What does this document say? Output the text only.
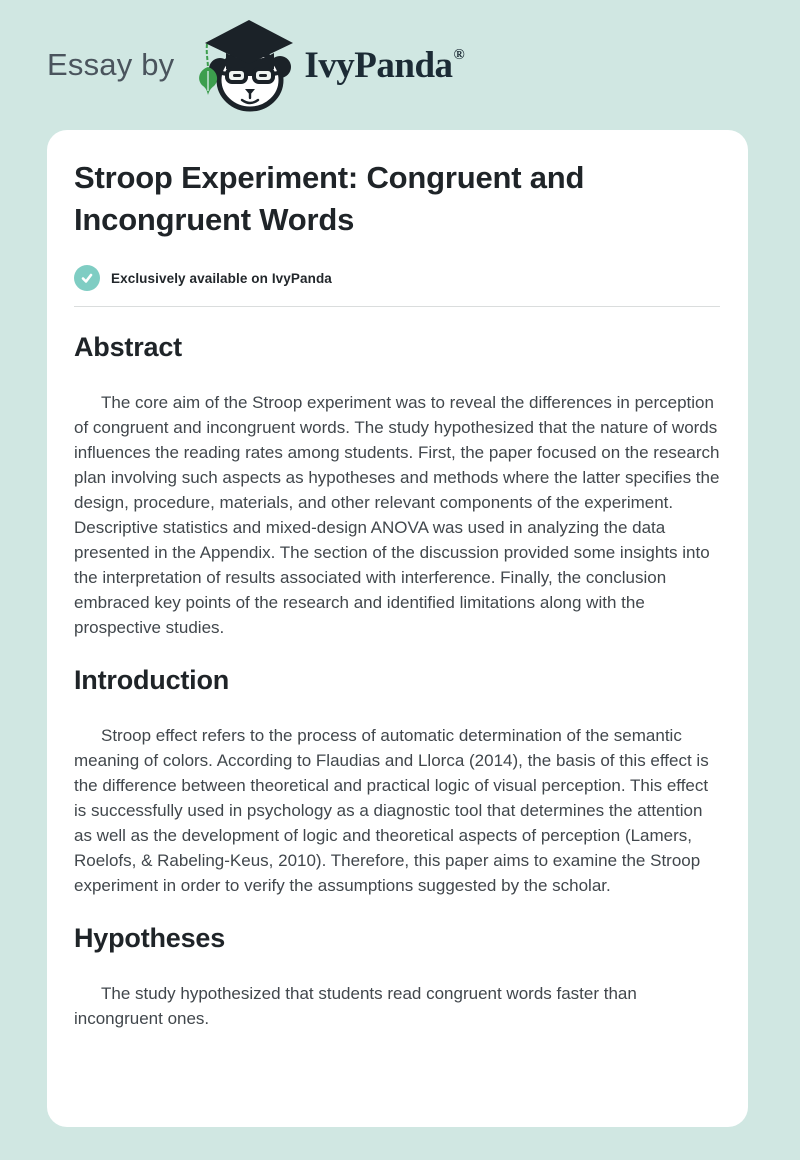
Essay by	IvyPanda®
Stroop Experiment: Congruent and Incongruent Words
Exclusively available on IvyPanda
Abstract

The core aim of the Stroop experiment was to reveal the differences in perception of congruent and incongruent words. The study hypothesized that the nature of words influences the reading rates among students. First, the paper focused on the research plan involving such aspects as hypotheses and methods where the latter specifies the design, procedure, materials, and other relevant components of the experiment. Descriptive statistics and mixed-design ANOVA was used in analyzing the data presented in the Appendix. The section of the discussion provided some insights into the interpretation of results associated with interference. Finally, the conclusion embraced key points of the research and identified limitations along with the prospective studies.

Introduction

Stroop effect refers to the process of automatic determination of the semantic meaning of colors. According to Flaudias and Llorca (2014), the basis of this effect is the difference between theoretical and practical logic of visual perception. This effect is successfully used in psychology as a diagnostic tool that determines the attention as well as the development of logic and theoretical aspects of perception (Lamers, Roelofs, & Rabeling-Keus, 2010). Therefore, this paper aims to examine the Stroop experiment in order to verify the assumptions suggested by the scholar.

Hypotheses

The study hypothesized that students read congruent words faster than incongruent ones.
